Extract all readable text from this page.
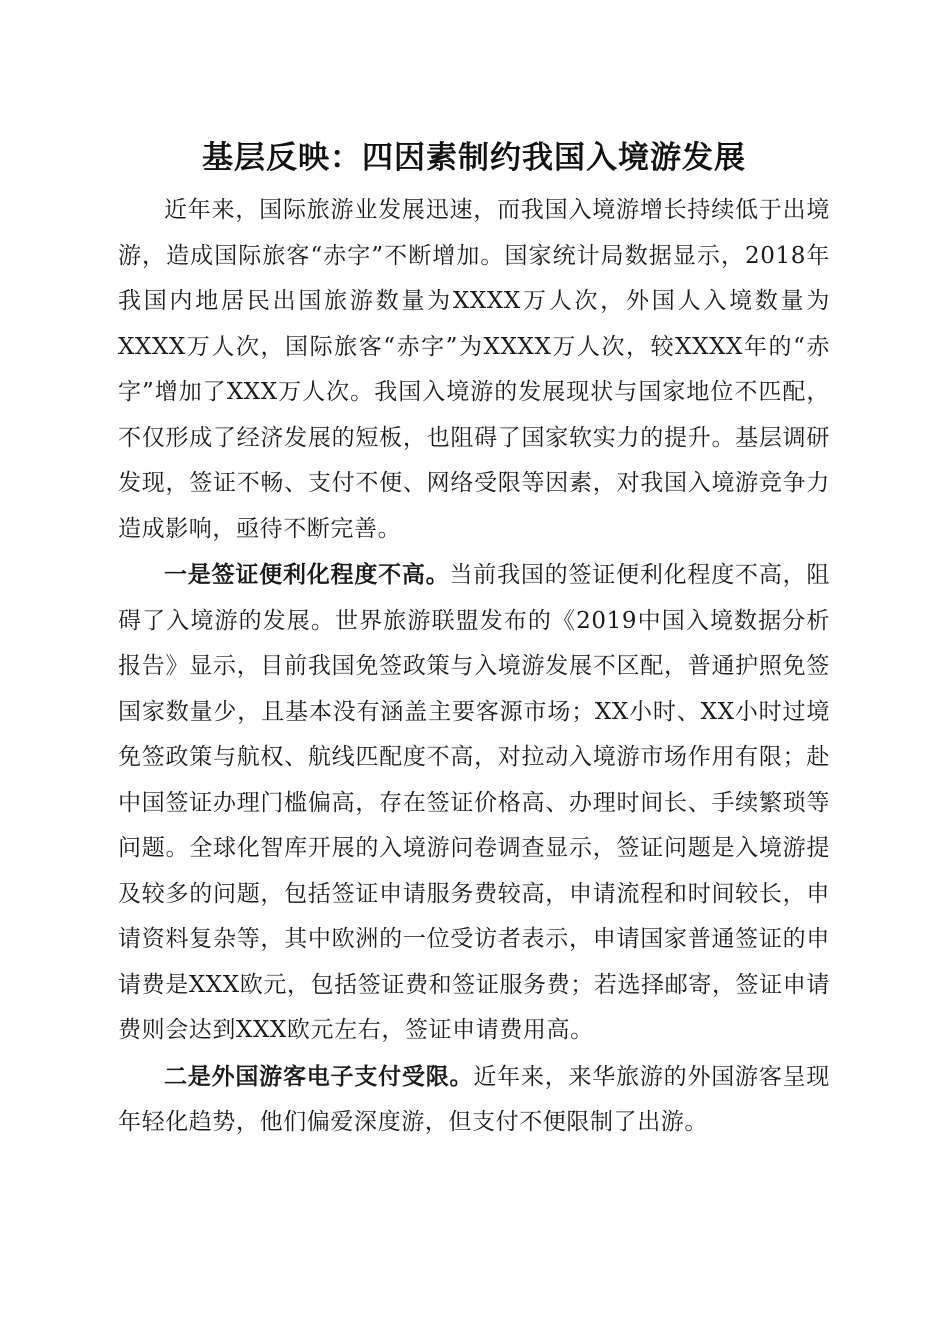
基层反映：四因素制约我国入境游发展

近年来，国际旅游业发展迅速，而我国入境游增长持续低于出境游，造成国际旅客“赤字”不断增加。国家统计局数据显示，2018年我国内地居民出国旅游数量为XXXX万人次，外国人入境数量为XXXX万人次，国际旅客“赤字”为XXXX万人次，较XXXX年的“赤字”增加了XXX万人次。我国入境游的发展现状与国家地位不匹配，不仅形成了经济发展的短板，也阻碍了国家软实力的提升。基层调研发现，签证不畅、支付不便、网络受限等因素，对我国入境游竞争力造成影响，亟待不断完善。

一是签证便利化程度不高。当前我国的签证便利化程度不高，阻碍了入境游的发展。世界旅游联盟发布的《2019中国入境数据分析报告》显示，目前我国免签政策与入境游发展不区配，普通护照免签国家数量少，且基本没有涵盖主要客源市场；XX小时、XX小时过境免签政策与航权、航线匹配度不高，对拉动入境游市场作用有限；赴中国签证办理门槛偏高，存在签证价格高、办理时间长、手续繁琐等问题。全球化智库开展的入境游问卷调查显示，签证问题是入境游提及较多的问题，包括签证申请服务费较高，申请流程和时间较长，申请资料复杂等，其中欧洲的一位受访者表示，申请国家普通签证的申请费是XXX欧元，包括签证费和签证服务费；若选择邮寄，签证申请费则会达到XXX欧元左右，签证申请费用高。

二是外国游客电子支付受限。近年来，来华旅游的外国游客呈现年轻化趋势，他们偏爱深度游，但支付不便限制了出游。
